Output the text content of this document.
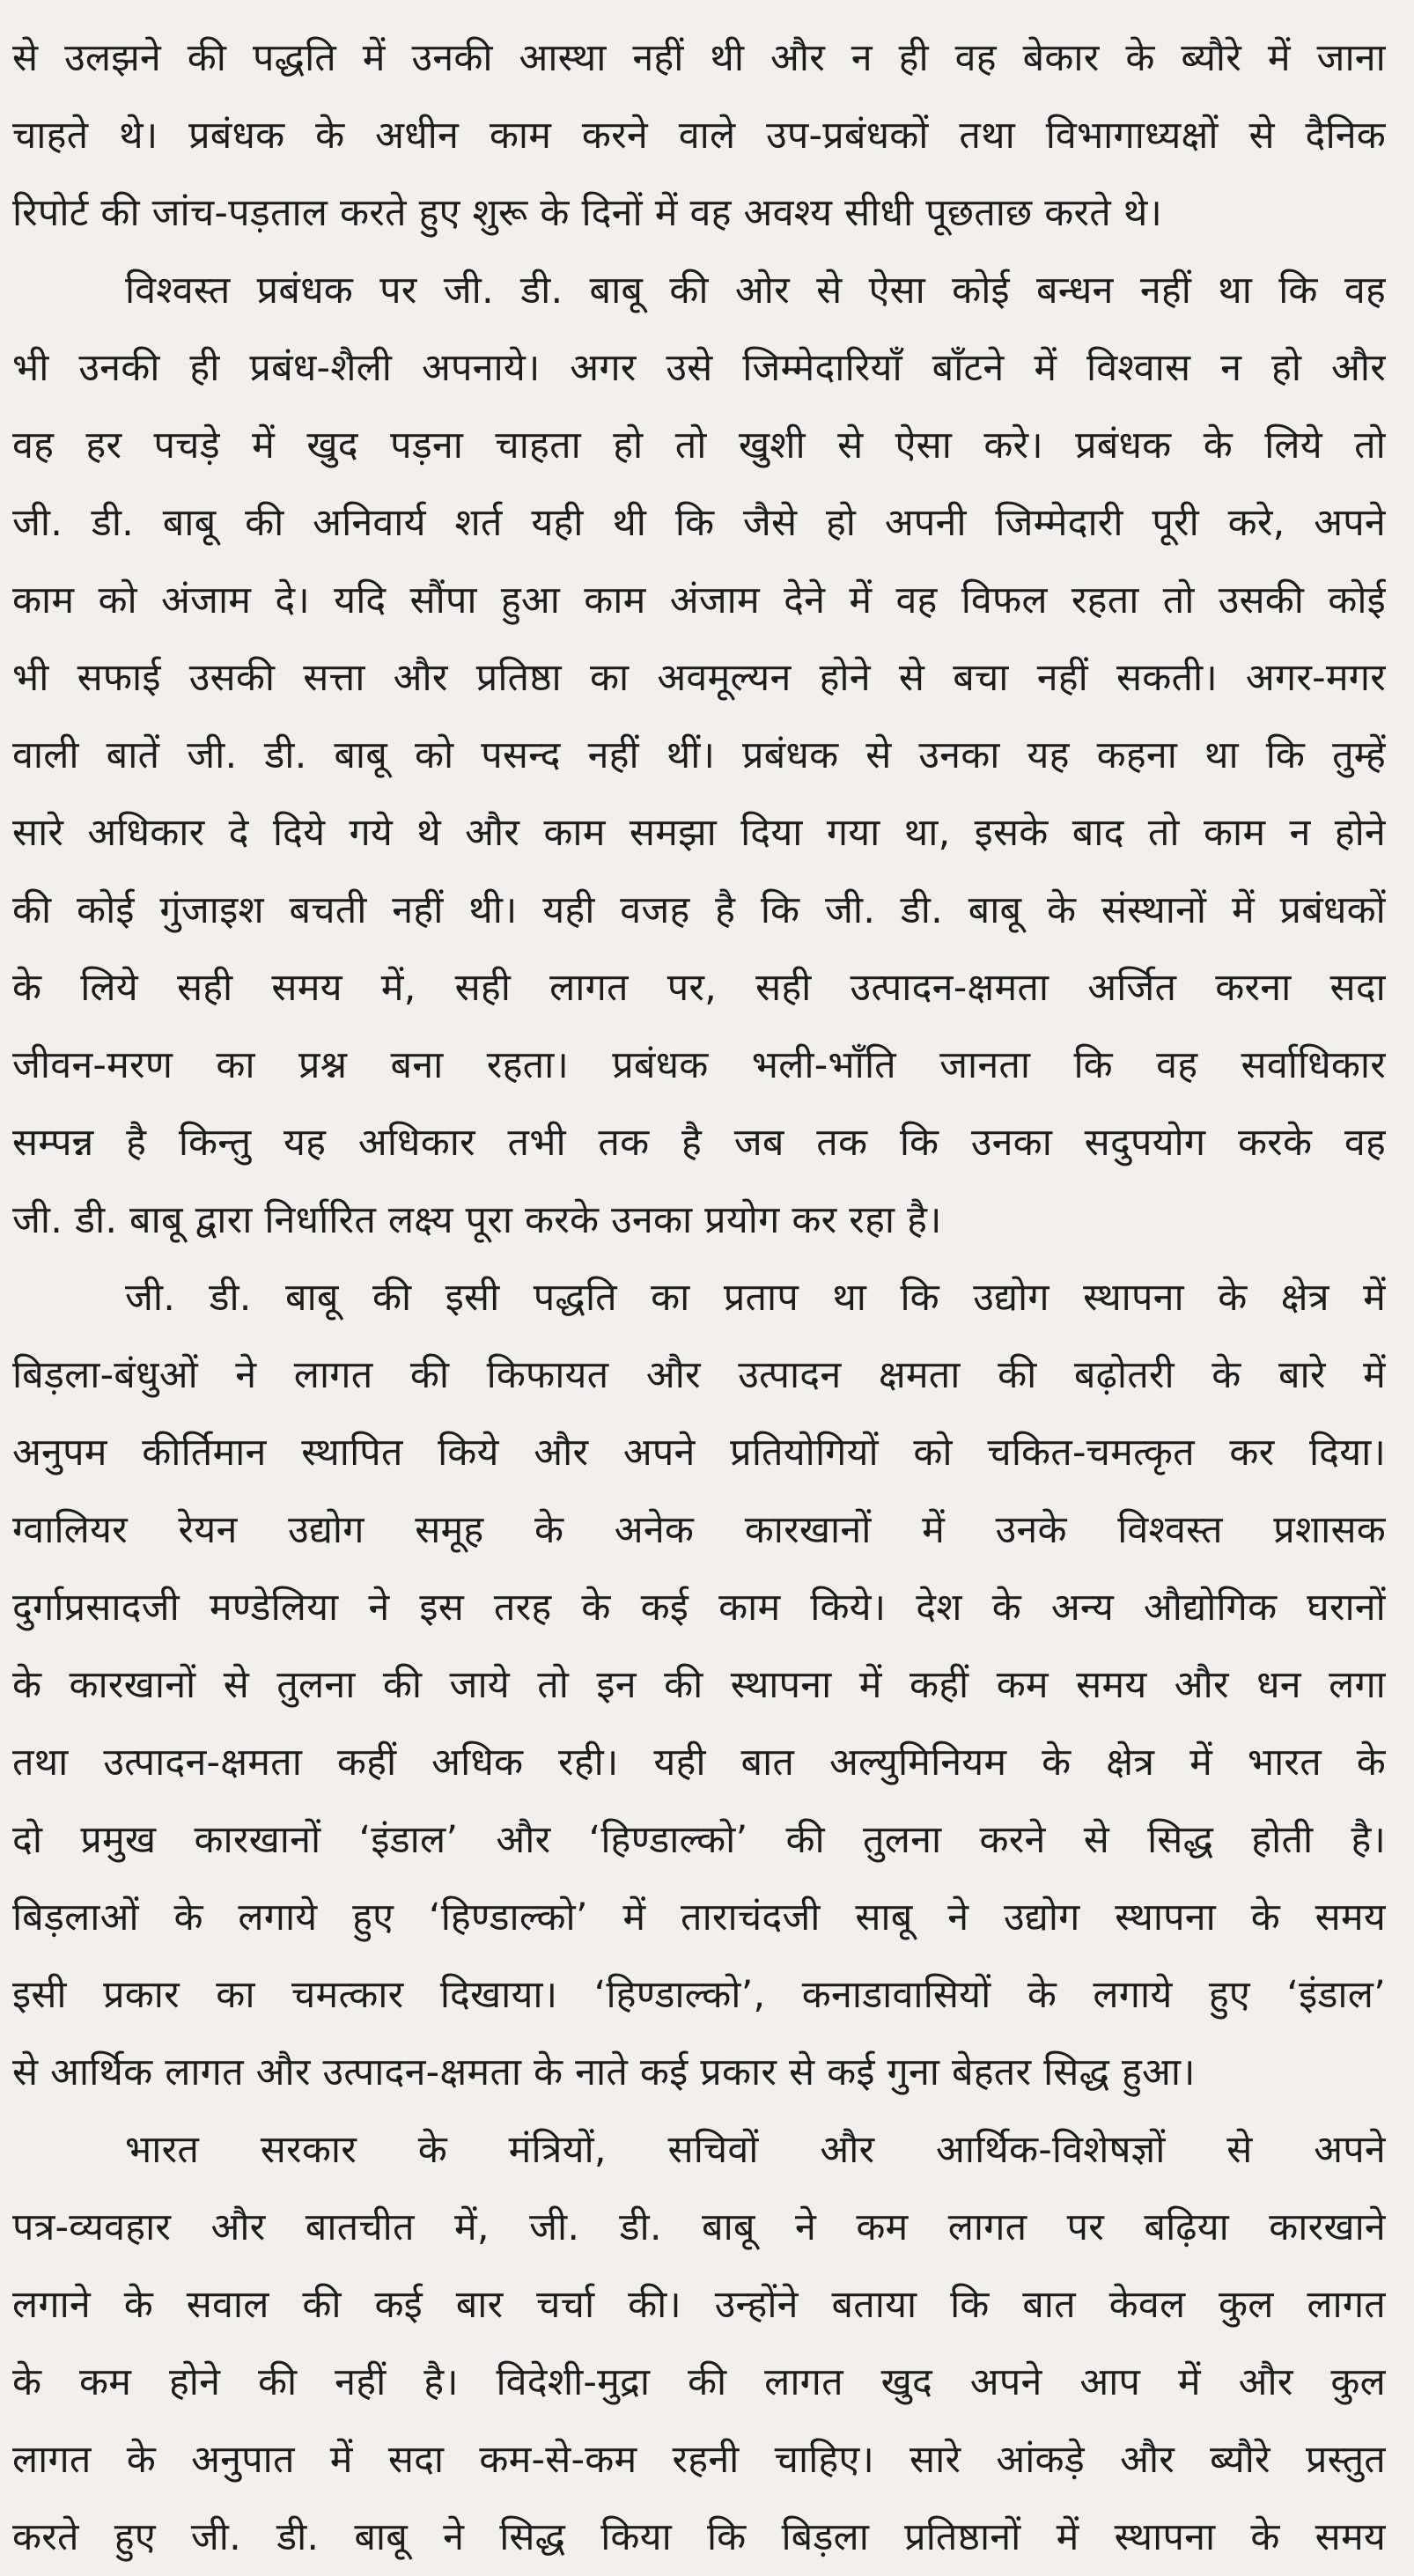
से उलझने की पद्धति में उनकी आस्था नहीं थी और न ही वह बेकार के ब्यौरे में जाना
चाहते थे। प्रबंधक के अधीन काम करने वाले उप-प्रबंधकों तथा विभागाध्यक्षों से दैनिक
रिपोर्ट की जांच-पड़ताल करते हुए शुरू के दिनों में वह अवश्य सीधी पूछताछ करते थे।
विश्वस्त प्रबंधक पर जी. डी. बाबू की ओर से ऐसा कोई बन्धन नहीं था कि वह
भी उनकी ही प्रबंध-शैली अपनाये। अगर उसे जिम्मेदारियाँ बाँटने में विश्वास न हो और
वह हर पचड़े में खुद पड़ना चाहता हो तो खुशी से ऐसा करे। प्रबंधक के लिये तो
जी. डी. बाबू की अनिवार्य शर्त यही थी कि जैसे हो अपनी जिम्मेदारी पूरी करे, अपने
काम को अंजाम दे। यदि सौंपा हुआ काम अंजाम देने में वह विफल रहता तो उसकी कोई
भी सफाई उसकी सत्ता और प्रतिष्ठा का अवमूल्यन होने से बचा नहीं सकती। अगर-मगर
वाली बातें जी. डी. बाबू को पसन्द नहीं थीं। प्रबंधक से उनका यह कहना था कि तुम्हें
सारे अधिकार दे दिये गये थे और काम समझा दिया गया था, इसके बाद तो काम न होने
की कोई गुंजाइश बचती नहीं थी। यही वजह है कि जी. डी. बाबू के संस्थानों में प्रबंधकों
के लिये सही समय में, सही लागत पर, सही उत्पादन-क्षमता अर्जित करना सदा
जीवन-मरण का प्रश्न बना रहता। प्रबंधक भली-भाँति जानता कि वह सर्वाधिकार
सम्पन्न है किन्तु यह अधिकार तभी तक है जब तक कि उनका सदुपयोग करके वह
जी. डी. बाबू द्वारा निर्धारित लक्ष्य पूरा करके उनका प्रयोग कर रहा है।
जी. डी. बाबू की इसी पद्धति का प्रताप था कि उद्योग स्थापना के क्षेत्र में
बिड़ला-बंधुओं ने लागत की किफायत और उत्पादन क्षमता की बढ़ोतरी के बारे में
अनुपम कीर्तिमान स्थापित किये और अपने प्रतियोगियों को चकित-चमत्कृत कर दिया।
ग्वालियर रेयन उद्योग समूह के अनेक कारखानों में उनके विश्वस्त प्रशासक
दुर्गाप्रसादजी मण्डेलिया ने इस तरह के कई काम किये। देश के अन्य औद्योगिक घरानों
के कारखानों से तुलना की जाये तो इन की स्थापना में कहीं कम समय और धन लगा
तथा उत्पादन-क्षमता कहीं अधिक रही। यही बात अल्युमिनियम के क्षेत्र में भारत के
दो प्रमुख कारखानों ‘इंडाल’ और ‘हिण्डाल्को’ की तुलना करने से सिद्ध होती है।
बिड़लाओं के लगाये हुए ‘हिण्डाल्को’ में ताराचंदजी साबू ने उद्योग स्थापना के समय
इसी प्रकार का चमत्कार दिखाया। ‘हिण्डाल्को’, कनाडावासियों के लगाये हुए ‘इंडाल’
से आर्थिक लागत और उत्पादन-क्षमता के नाते कई प्रकार से कई गुना बेहतर सिद्ध हुआ।
भारत सरकार के मंत्रियों, सचिवों और आर्थिक-विशेषज्ञों से अपने
पत्र-व्यवहार और बातचीत में, जी. डी. बाबू ने कम लागत पर बढ़िया कारखाने
लगाने के सवाल की कई बार चर्चा की। उन्होंने बताया कि बात केवल कुल लागत
के कम होने की नहीं है। विदेशी-मुद्रा की लागत खुद अपने आप में और कुल
लागत के अनुपात में सदा कम-से-कम रहनी चाहिए। सारे आंकड़े और ब्यौरे प्रस्तुत
करते हुए जी. डी. बाबू ने सिद्ध किया कि बिड़ला प्रतिष्ठानों में स्थापना के समय
